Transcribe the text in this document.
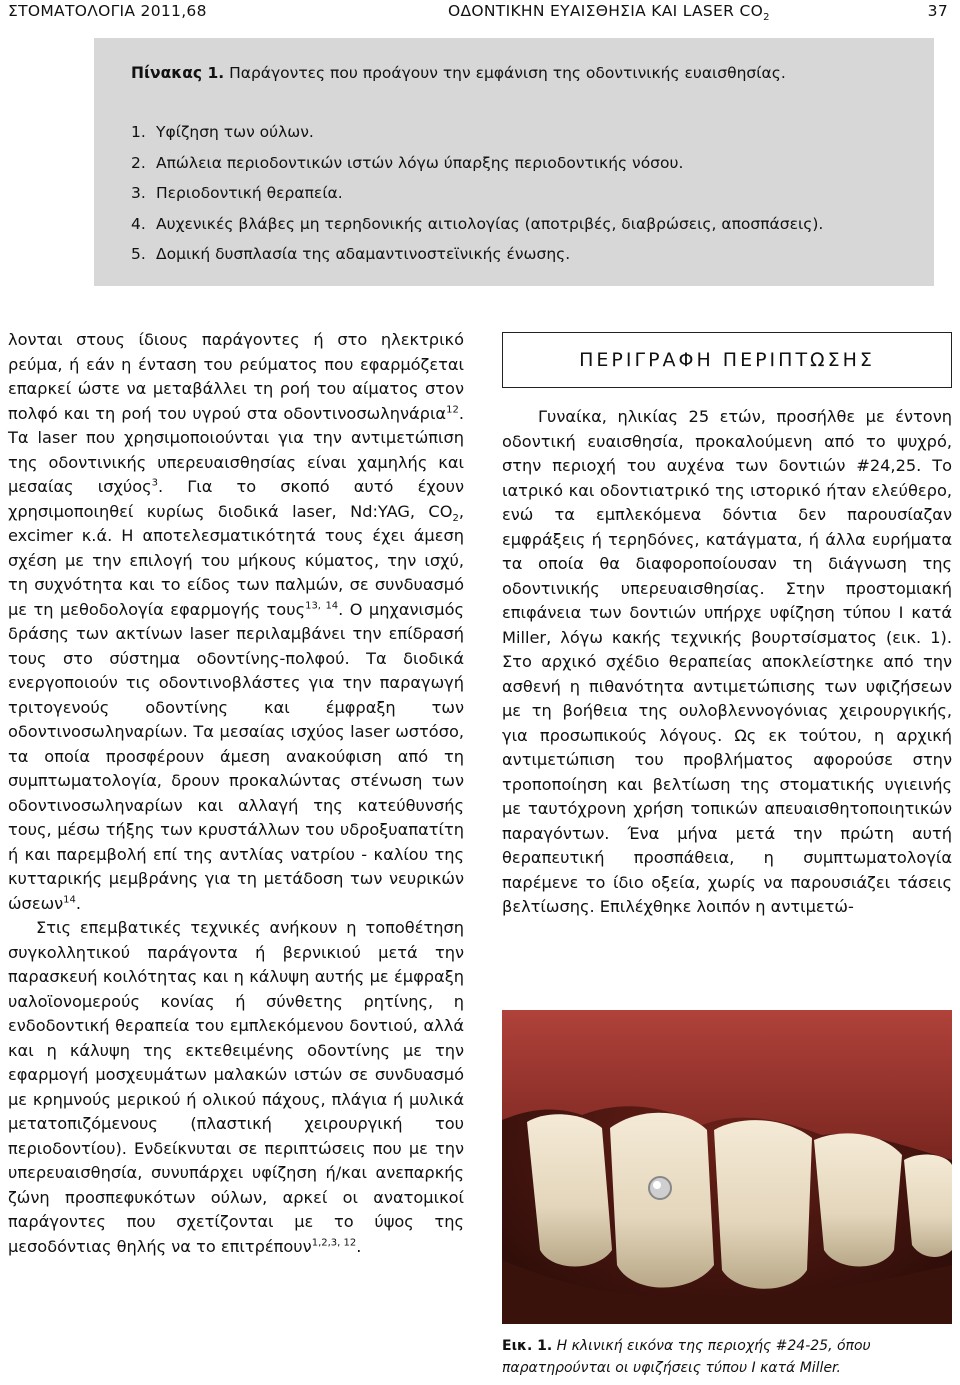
ΣΤΟΜΑΤΟΛΟΓΙΑ 2011,68	ΟΔΟΝΤΙΚΗΝ ΕΥΑΙΣΘΗΣΙΑ ΚΑΙ LASER $CO_2$	37
Πίνακας 1. Παράγοντες που προάγουν την εμφάνιση της οδοντινικής ευαισθησίας.
1. Υφίζηση των ούλων.
2. Απώλεια περιοδοντικών ιστών λόγω ύπαρξης περιοδοντικής νόσου.
3. Περιοδοντική θεραπεία.
4. Αυχενικές βλάβες μη τερηδονικής αιτιολογίας (αποτριβές, διαβρώσεις, αποσπάσεις).
5. Δομική δυσπλασία της αδαμαντινοστεϊνικής ένωσης.

λονται στους ίδιους παράγοντες ή στο ηλεκτρικό ρεύμα, ή εάν η ένταση του ρεύματος που εφαρμόζεται επαρκεί ώστε να μεταβάλλει τη ροή του αίματος στον πολφό και τη ροή του υγρού στα οδοντινοσωληνάρια$^{12}$. Τα laser που χρησιμοποιούνται για την αντιμετώπιση της οδοντινικής υπερευαισθησίας είναι χαμηλής και μεσαίας ισχύος$^3$. Για το σκοπό αυτό έχουν χρησιμοποιηθεί κυρίως διοδικά laser, Nd:YAG, $CO_2$, excimer κ.ά. Η αποτελεσματικότητά τους έχει άμεση σχέση με την επιλογή του μήκους κύματος, την ισχύ, τη συχνότητα και το είδος των παλμών, σε συνδυασμό με τη μεθοδολογία εφαρμογής τους$^{13, 14}$. Ο μηχανισμός δράσης των ακτίνων laser περιλαμβάνει την επίδρασή τους στο σύστημα οδοντίνης-πολφού. Τα διοδικά ενεργοποιούν τις οδοντινοβλάστες για την παραγωγή τριτογενούς οδοντίνης και έμφραξη των οδοντινοσωληναρίων. Τα μεσαίας ισχύος laser ωστόσο, τα οποία προσφέρουν άμεση ανακούφιση από τη συμπτωματολογία, δρουν προκαλώντας στένωση των οδοντινοσωληναρίων και αλλαγή της κατεύθυνσής τους, μέσω τήξης των κρυστάλλων του υδροξυαπατίτη ή και παρεμβολή επί της αντλίας νατρίου - καλίου της κυτταρικής μεμβράνης για τη μετάδοση των νευρικών ώσεων$^{14}$.

Στις επεμβατικές τεχνικές ανήκουν η τοποθέτηση συγκολλητικού παράγοντα ή βερνικιού μετά την παρασκευή κοιλότητας και η κάλυψη αυτής με έμφραξη υαλοϊονομερούς κονίας ή σύνθετης ρητίνης, η ενδοδοντική θεραπεία του εμπλεκόμενου δοντιού, αλλά και η κάλυψη της εκτεθειμένης οδοντίνης με την εφαρμογή μοσχευμάτων μαλακών ιστών σε συνδυασμό με κρημνούς μερικού ή ολικού πάχους, πλάγια ή μυλικά μετατοπιζόμενους (πλαστική χειρουργική του περιοδοντίου). Ενδείκνυται σε περιπτώσεις που με την υπερευαισθησία, συνυπάρχει υφίζηση ή/και ανεπαρκής ζώνη προσπεφυκότων ούλων, αρκεί οι ανατομικοί παράγοντες που σχετίζονται με το ύψος της μεσοδόντιας θηλής να το επιτρέπουν$^{1,2,3, 12}$.

ΠΕΡΙΓΡΑΦΗ ΠΕΡΙΠΤΩΣΗΣ

Γυναίκα, ηλικίας 25 ετών, προσήλθε με έντονη οδοντική ευαισθησία, προκαλούμενη από το ψυχρό, στην περιοχή του αυχένα των δοντιών #24,25. Το ιατρικό και οδοντιατρικό της ιστορικό ήταν ελεύθερο, ενώ τα εμπλεκόμενα δόντια δεν παρουσίαζαν εμφράξεις ή τερηδόνες, κατάγματα, ή άλλα ευρήματα τα οποία θα διαφοροποίουσαν τη διάγνωση της οδοντινικής υπερευαισθησίας. Στην προστομιακή επιφάνεια των δοντιών υπήρχε υφίζηση τύπου I κατά Miller, λόγω κακής τεχνικής βουρτσίσματος (εικ. 1). Στο αρχικό σχέδιο θεραπείας αποκλείστηκε από την ασθενή η πιθανότητα αντιμετώπισης των υφιζήσεων με τη βοήθεια της ουλοβλεννογόνιας χειρουργικής, για προσωπικούς λόγους. Ως εκ τούτου, η αρχική αντιμετώπιση του προβλήματος αφορούσε στην τροποποίηση και βελτίωση της στοματικής υγιεινής με ταυτόχρονη χρήση τοπικών απευαισθητοποιητικών παραγόντων. Ένα μήνα μετά την πρώτη αυτή θεραπευτική προσπάθεια, η συμπτωματολογία παρέμενε το ίδιο οξεία, χωρίς να παρουσιάζει τάσεις βελτίωσης. Επιλέχθηκε λοιπόν η αντιμετώ-

Εικ. 1. Η κλινική εικόνα της περιοχής #24-25, όπου παρατηρούνται οι υφιζήσεις τύπου I κατά Miller.
